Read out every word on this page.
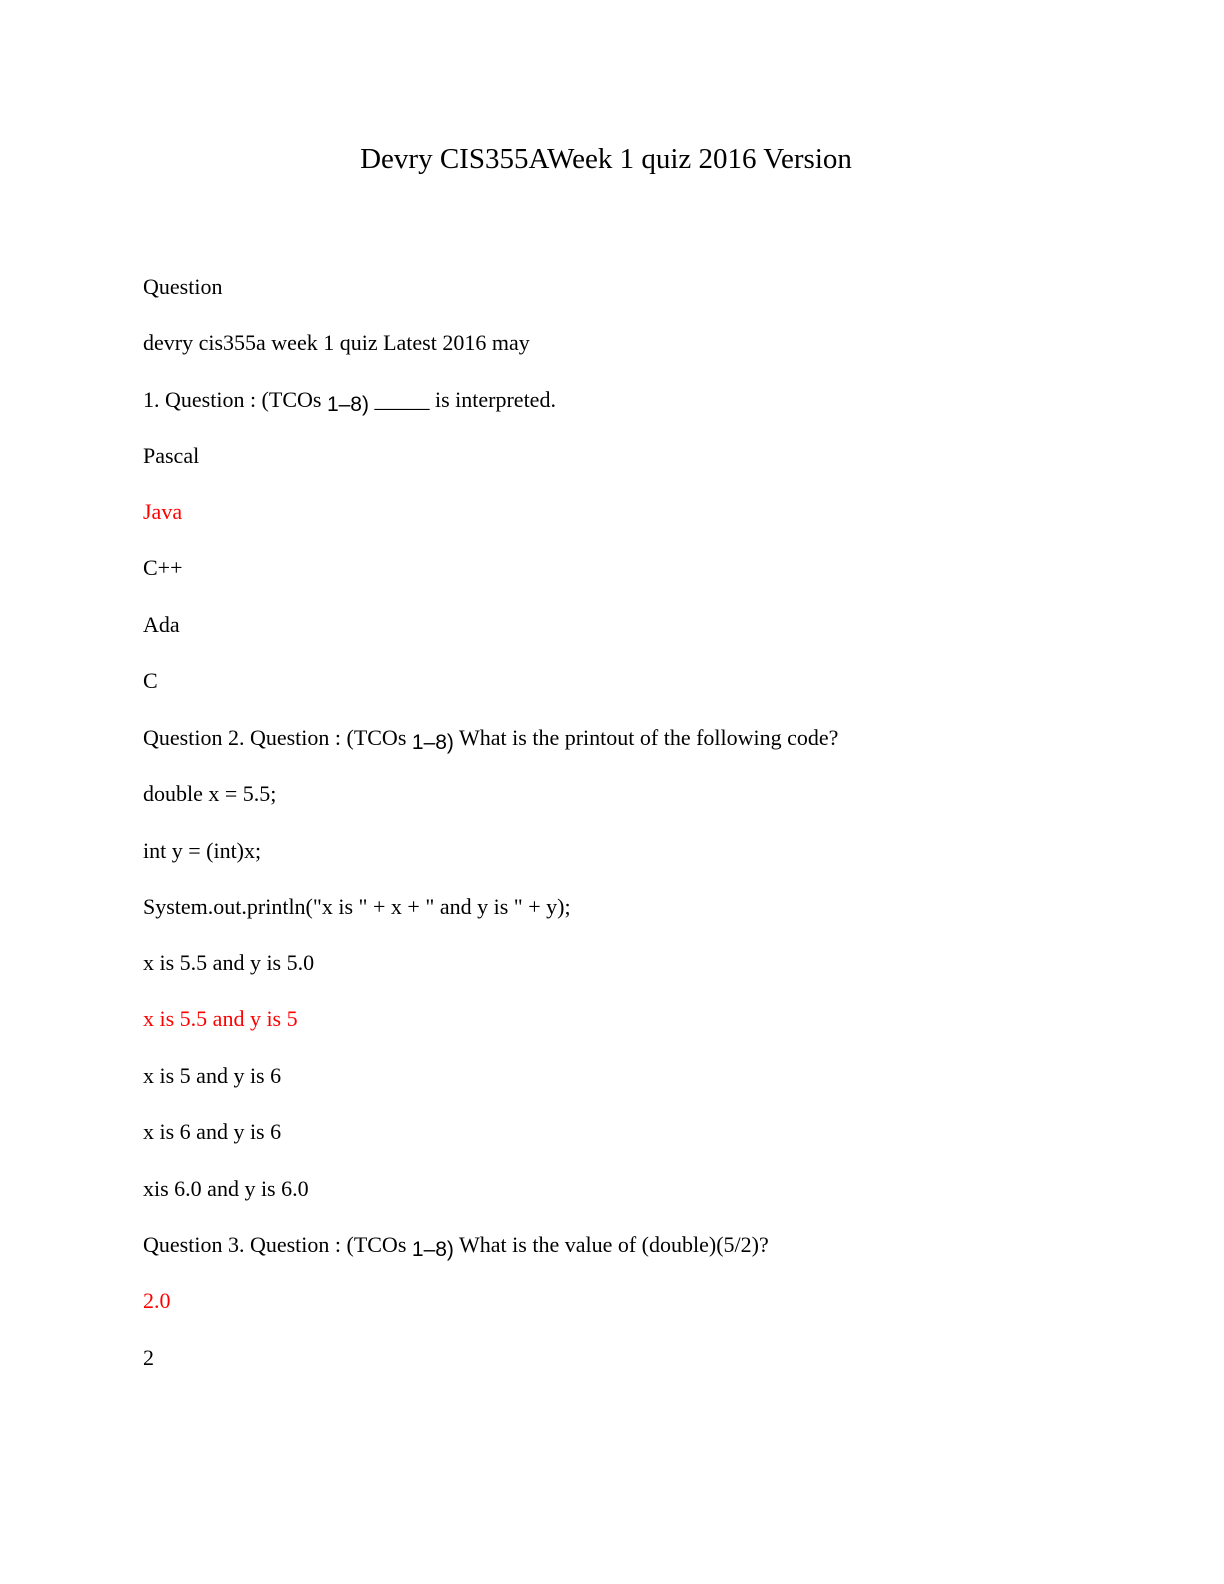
Devry CIS355AWeek 1 quiz 2016 Version
Question
devry cis355a week 1 quiz Latest 2016 may
1. Question : (TCOs 1–8) _____ is interpreted.
Pascal
Java
C++
Ada
C
Question 2. Question : (TCOs 1–8) What is the printout of the following code?
double x = 5.5;
int y = (int)x;
System.out.println("x is " + x + " and y is " + y);
x is 5.5 and y is 5.0
x is 5.5 and y is 5
x is 5 and y is 6
x is 6 and y is 6
xis 6.0 and y is 6.0
Question 3. Question : (TCOs 1–8) What is the value of (double)(5/2)?
2.0
2
